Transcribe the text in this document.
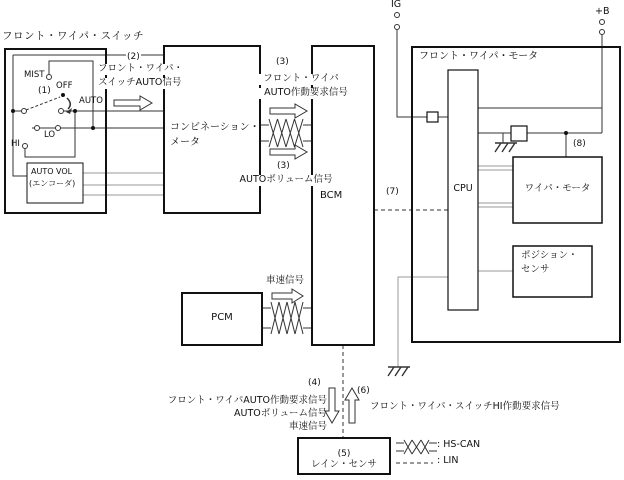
フロント・ワイパ・スイッチ
MIST
OFF
(1)
AUTO
LO
HI
AUTO VOL
(エンコーダ)
(2)
フロント・ワイパ・
スイッチAUTO信号
コンビネーション・
メータ
(3)
フロント・ワイパ
AUTO作動要求信号
(3)
AUTOボリューム信号
BCM
車速信号
PCM
(4)
フロント・ワイパAUTO作動要求信号
AUTOボリューム信号
車速信号
(6)
フロント・ワイパ・スイッチHI作動要求信号
(5)
レイン・センサ
: HS-CAN
: LIN
IG
+B
フロント・ワイパ・モータ
CPU	ワイパ・モータ
ポジション・
センサ
(7)
(8)
